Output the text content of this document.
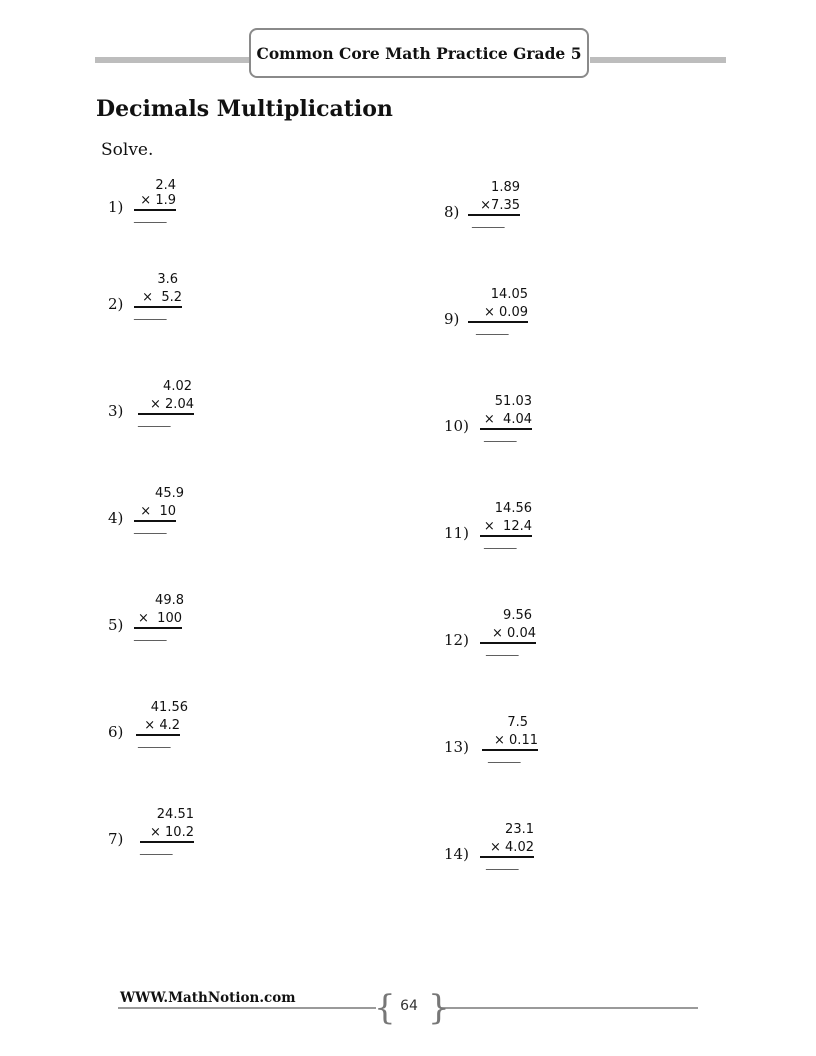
Common Core Math Practice Grade 5
Decimals Multiplication

Solve.

2.4
1)	× 1.9
_____
3.6
2)	×  5.2
_____
4.02
3)	× 2.04
_____
45.9
4)	×  10
_____
49.8
5)	×  100
_____
41.56
6)	× 4.2
_____
24.51
7)	× 10.2
_____
1.89
8)	×7.35
_____
14.05
9)	× 0.09
_____
51.03
10) ×  4.04
_____
14.56
11) ×  12.4
_____
9.56
12)	× 0.04
_____
7.5
13)	× 0.11
_____
23.1
14)	× 4.02
_____
WWW.MathNotion.com { }
64
